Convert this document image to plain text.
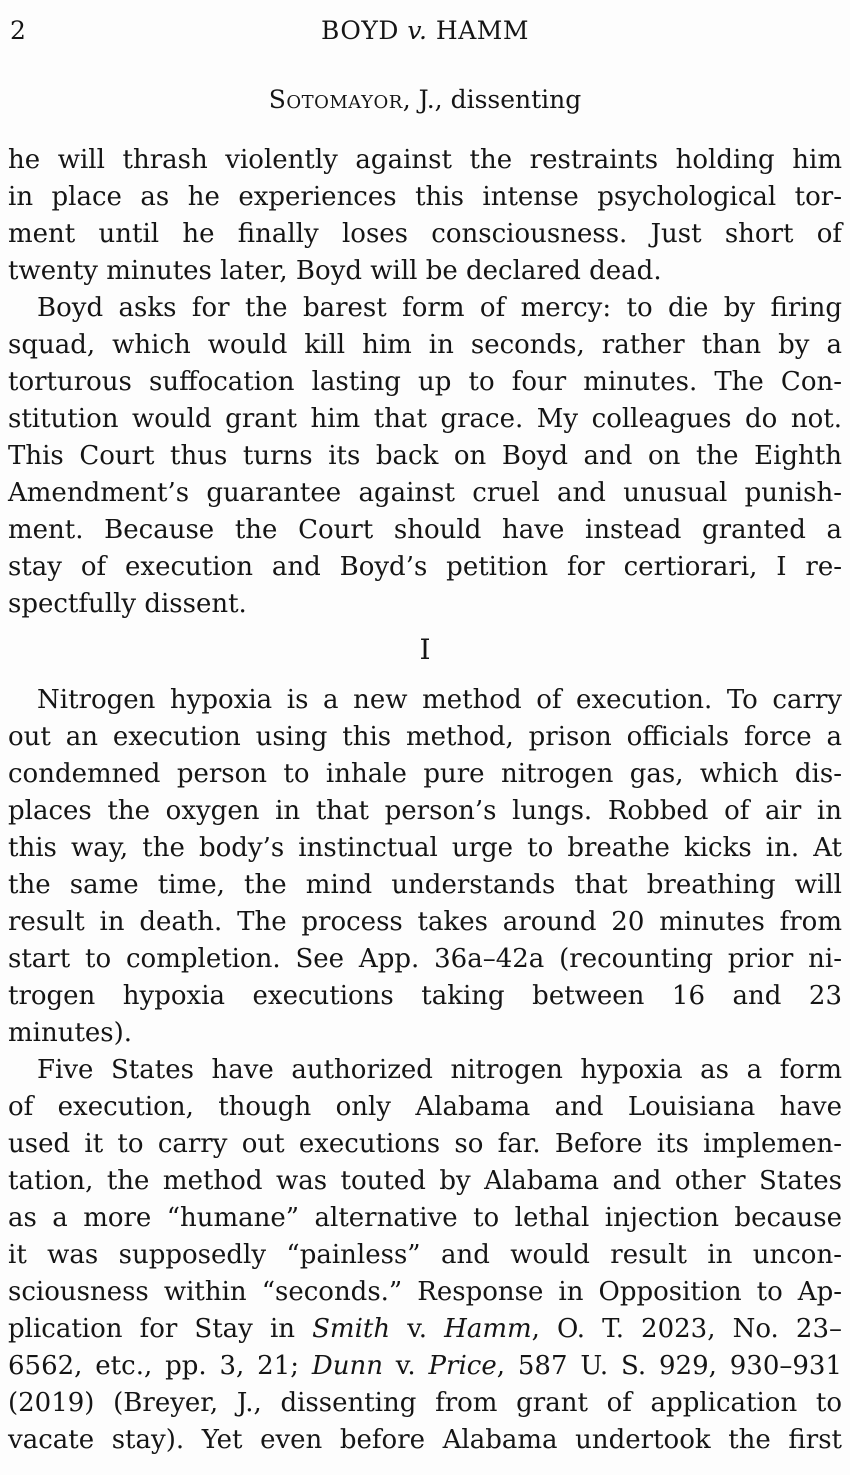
2	BOYD v. HAMM
Sotomayor, J., dissenting
he will thrash violently against the restraints holding him
in place as he experiences this intense psychological tor-
ment until he finally loses consciousness. Just short of
twenty minutes later, Boyd will be declared dead.
Boyd asks for the barest form of mercy: to die by firing
squad, which would kill him in seconds, rather than by a
torturous suffocation lasting up to four minutes. The Con-
stitution would grant him that grace. My colleagues do not.
This Court thus turns its back on Boyd and on the Eighth
Amendment’s guarantee against cruel and unusual punish-
ment. Because the Court should have instead granted a
stay of execution and Boyd’s petition for certiorari, I re-
spectfully dissent.
I
Nitrogen hypoxia is a new method of execution. To carry
out an execution using this method, prison officials force a
condemned person to inhale pure nitrogen gas, which dis-
places the oxygen in that person’s lungs. Robbed of air in
this way, the body’s instinctual urge to breathe kicks in. At
the same time, the mind understands that breathing will
result in death. The process takes around 20 minutes from
start to completion. See App. 36a–42a (recounting prior ni-
trogen hypoxia executions taking between 16 and 23
minutes).
Five States have authorized nitrogen hypoxia as a form
of execution, though only Alabama and Louisiana have
used it to carry out executions so far. Before its implemen-
tation, the method was touted by Alabama and other States
as a more “humane” alternative to lethal injection because
it was supposedly “painless” and would result in uncon-
sciousness within “seconds.” Response in Opposition to Ap-
plication for Stay in Smith v. Hamm, O. T. 2023, No. 23–
6562, etc., pp. 3, 21; Dunn v. Price, 587 U. S. 929, 930–931
(2019) (Breyer, J., dissenting from grant of application to
vacate stay). Yet even before Alabama undertook the first
